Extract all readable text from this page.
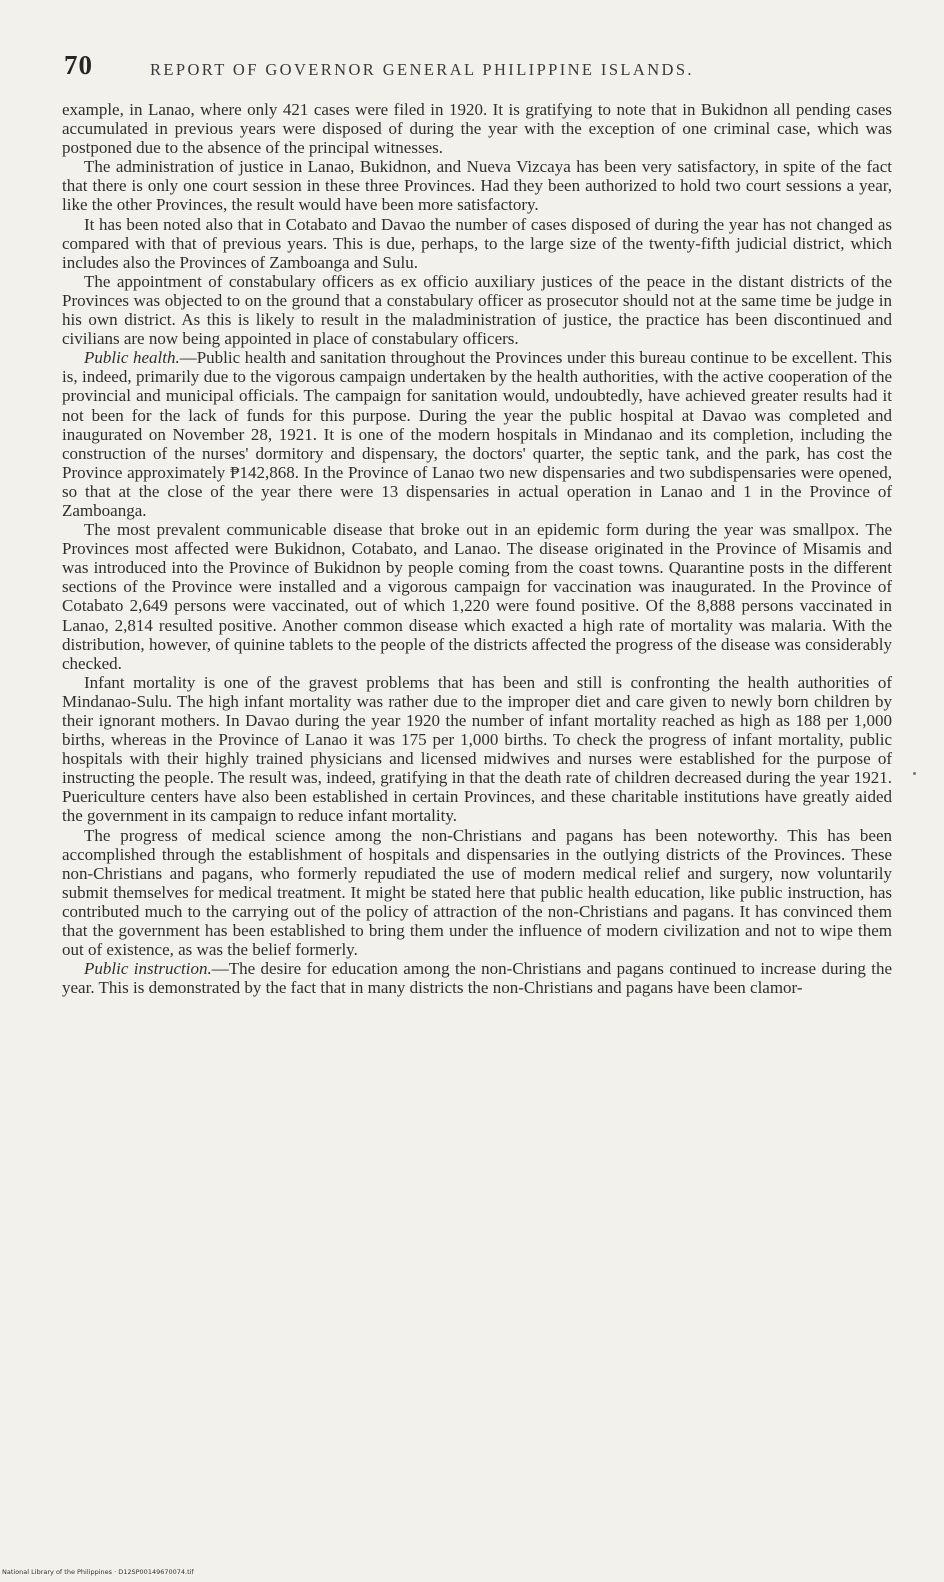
70	REPORT OF GOVERNOR GENERAL PHILIPPINE ISLANDS.

example, in Lanao, where only 421 cases were filed in 1920. It is gratifying to note that in Bukidnon all pending cases accumulated in previous years were disposed of during the year with the exception of one criminal case, which was postponed due to the absence of the principal witnesses.

The administration of justice in Lanao, Bukidnon, and Nueva Vizcaya has been very satisfactory, in spite of the fact that there is only one court session in these three Provinces. Had they been authorized to hold two court sessions a year, like the other Provinces, the result would have been more satisfactory.

It has been noted also that in Cotabato and Davao the number of cases disposed of during the year has not changed as compared with that of previous years. This is due, perhaps, to the large size of the twenty-fifth judicial district, which includes also the Provinces of Zamboanga and Sulu.

The appointment of constabulary officers as ex officio auxiliary justices of the peace in the distant districts of the Provinces was objected to on the ground that a constabulary officer as prosecutor should not at the same time be judge in his own district. As this is likely to result in the maladministration of justice, the practice has been discontinued and civilians are now being appointed in place of constabulary officers.

Public health.—Public health and sanitation throughout the Provinces under this bureau continue to be excellent. This is, indeed, primarily due to the vigorous campaign undertaken by the health authorities, with the active cooperation of the provincial and municipal officials. The campaign for sanitation would, undoubtedly, have achieved greater results had it not been for the lack of funds for this purpose. During the year the public hospital at Davao was completed and inaugurated on November 28, 1921. It is one of the modern hospitals in Mindanao and its completion, including the construction of the nurses' dormitory and dispensary, the doctors' quarter, the septic tank, and the park, has cost the Province approximately ₱142,868. In the Province of Lanao two new dispensaries and two subdispensaries were opened, so that at the close of the year there were 13 dispensaries in actual operation in Lanao and 1 in the Province of Zamboanga.

The most prevalent communicable disease that broke out in an epidemic form during the year was smallpox. The Provinces most affected were Bukidnon, Cotabato, and Lanao. The disease originated in the Province of Misamis and was introduced into the Province of Bukidnon by people coming from the coast towns. Quarantine posts in the different sections of the Province were installed and a vigorous campaign for vaccination was inaugurated. In the Province of Cotabato 2,649 persons were vaccinated, out of which 1,220 were found positive. Of the 8,888 persons vaccinated in Lanao, 2,814 resulted positive. Another common disease which exacted a high rate of mortality was malaria. With the distribution, however, of quinine tablets to the people of the districts affected the progress of the disease was considerably checked.

Infant mortality is one of the gravest problems that has been and still is confronting the health authorities of Mindanao-Sulu. The high infant mortality was rather due to the improper diet and care given to newly born children by their ignorant mothers. In Davao during the year 1920 the number of infant mortality reached as high as 188 per 1,000 births, whereas in the Province of Lanao it was 175 per 1,000 births. To check the progress of infant mortality, public hospitals with their highly trained physicians and licensed midwives and nurses were established for the purpose of instructing the people. The result was, indeed, gratifying in that the death rate of children decreased during the year 1921. Puericulture centers have also been established in certain Provinces, and these charitable institutions have greatly aided the government in its campaign to reduce infant mortality.

The progress of medical science among the non-Christians and pagans has been noteworthy. This has been accomplished through the establishment of hospitals and dispensaries in the outlying districts of the Provinces. These non-Christians and pagans, who formerly repudiated the use of modern medical relief and surgery, now voluntarily submit themselves for medical treatment. It might be stated here that public health education, like public instruction, has contributed much to the carrying out of the policy of attraction of the non-Christians and pagans. It has convinced them that the government has been established to bring them under the influence of modern civilization and not to wipe them out of existence, as was the belief formerly.

Public instruction.—The desire for education among the non-Christians and pagans continued to increase during the year. This is demonstrated by the fact that in many districts the non-Christians and pagans have been clamor-

National Library of the Philippines · D12SP00149670074.tif
